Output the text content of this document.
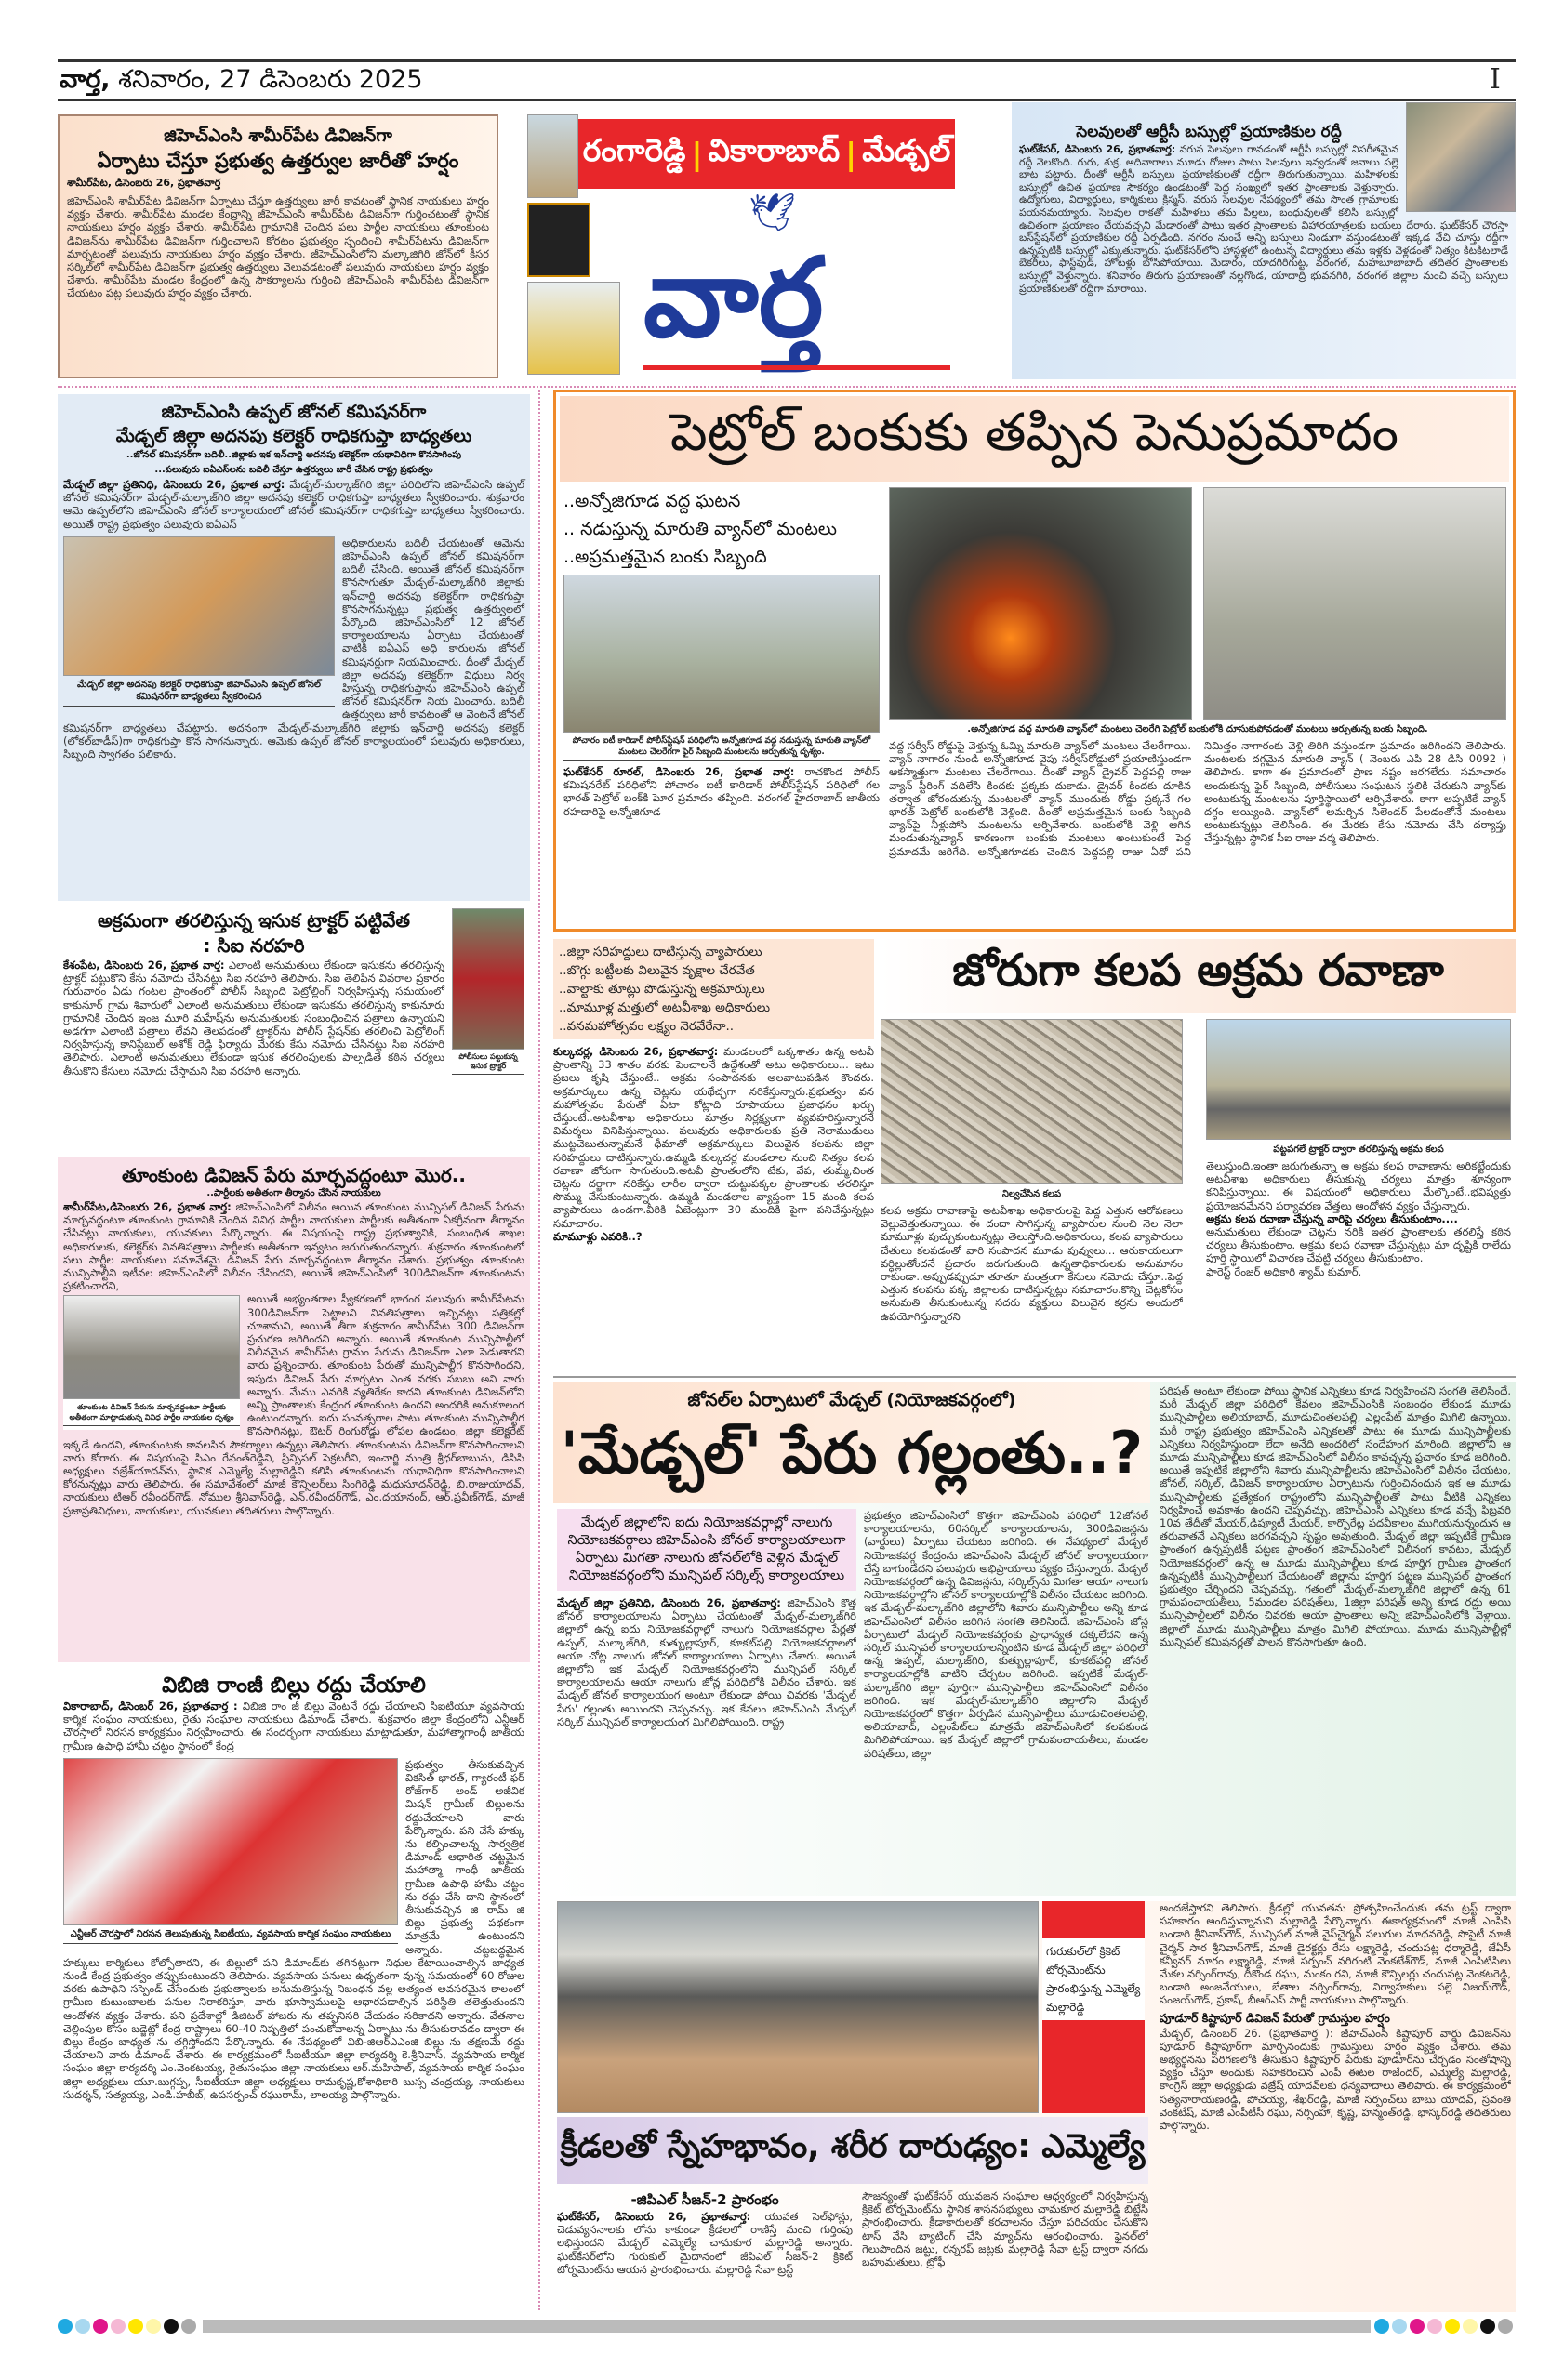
వార్త, శనివారం, 27 డిసెంబరు 2025	I
జిహెచ్ఎంసి శామీర్‌పేట డివిజన్‌గా
ఏర్పాటు చేస్తూ ప్రభుత్వ ఉత్తర్వుల జారీతో హర్షం
శామీర్‌పేట, డిసెంబరు 26, ప్రభాతవార్త

జిహెచ్ఎంసి శామీర్‌పేట డివిజన్‌గా ఏర్పాటు చేస్తూ ఉత్తర్వులు జారీ కావటంతో స్థానిక నాయకులు హర్షం వ్యక్తం చేశారు. శామీర్‌పేట మండల కేంద్రాన్ని జీహెచ్ఎంసి శామీర్‌పేట డివిజన్‌గా గుర్తించటంతో స్థానిక నాయకులు హర్షం వ్యక్తం చేశారు. శామీర్‌పేట గ్రామానికి చెందిన పలు పార్టీల నాయకులు తూంకుంట డివిజన్‌ను శామీర్‌పేట డివిజన్‌గా గుర్తించాలని కోరటం ప్రభుత్వం స్పందించి శామీర్‌పేటను డివిజన్‌గా మార్చటంతో పలువురు నాయకులు హర్షం వ్యక్తం చేశారు. జీహెచ్ఎంసిలోని మల్కాజిగిరి జోన్‌లో కీసర సర్కిల్‌లో శామీర్‌పేట డివిజన్‌గా ప్రభుత్వ ఉత్తర్వులు వెలువడటంతో పలువురు నాయకులు హర్షం వ్యక్తం చేశారు. శామీర్‌పేట మండల కేంద్రంలో ఉన్న సౌకర్యాలను గుర్తించి జీహెచ్ఎంసి శామీర్‌పేట డివిజన్‌గా చేయటం పట్ల పలువురు హర్షం వ్యక్తం చేశారు.

రంగారెడ్డి | వికారాబాద్ | మేడ్చల్
🕊
వార్త
సెలవులతో ఆర్టీసీ బస్సుల్లో ప్రయాణికుల రద్దీ

ఘట్‌కేసర్, డిసెంబరు 26, ప్రభాతవార్త: వరుస సెలవులు రావడంతో ఆర్టీసీ బస్సుల్లో విపరీతమైన రద్దీ నెలకొంది. గురు, శుక్ర, ఆదివారాలు మూడు రోజుల పాటు సెలవులు ఇవ్వడంతో జనాలు పల్లె బాట పట్టారు. దీంతో ఆర్టీసీ బస్సులు ప్రయాణికులతో రద్దీగా తిరుగుతున్నాయి. మహిళలకు బస్సుల్లో ఉచిత ప్రయాణ సౌకర్యం ఉండటంతో పెద్ద సంఖ్యలో ఇతర ప్రాంతాలకు వెళ్తున్నారు. ఉద్యోగులు, విద్యార్థులు, కార్మికులు క్రిస్మస్, వరుస సెలవుల నేపథ్యంలో తమ సొంత గ్రామాలకు పయనమయ్యారు. సెలవుల రాకతో మహిళలు తమ పిల్లలు, బంధువులతో కలిసి బస్సుల్లో ఉచితంగా ప్రయాణం చేయవచ్చని మేడారంతో పాటు ఇతర ప్రాంతాలకు విహారయాత్రలకు బయలు దేరారు. ఘట్‌కేసర్ చౌరస్తా బస్‌స్టేషన్‌లో ప్రయాణికుల రద్దీ ఏర్పడింది. నగరం నుంచే అన్ని బస్సులు నిండుగా వస్తుండటంతో ఇక్కడ వేచి చూస్తు రద్దీగా ఉన్నప్పటికీ బస్సుల్లో ఎక్కుతున్నారు. ఘట్‌కేసర్‌లోని హాస్టళ్లలో ఉంటున్న విద్యార్థులు తమ ఇళ్లకు వెళ్లడంతో నిత్యం కిటకిటలాడే బేకరీలు, ఫాస్ట్‌ఫుడ్, హోటళ్లు బోసిపోయాయి. మేడారం, యాదగిరిగుట్ట, వరంగల్, మహబూబాబాద్ తదితర ప్రాంతాలకు బస్సుల్లో వెళ్తున్నారు. శనివారం తిరుగు ప్రయాణంతో నల్లగొండ, యాదాద్రి భువనగిరి, వరంగల్ జిల్లాల నుంచి వచ్చే బస్సులు ప్రయాణికులతో రద్దీగా మారాయి.

జిహెచ్ఎంసి ఉప్పల్ జోనల్ కమిషనర్‌గా
మేడ్చల్ జిల్లా అదనపు కలెక్టర్ రాధికగుప్తా బాధ్యతలు
..జోనల్ కమిషనర్‌గా బదిలీ..జిల్లాకు ఇక ఇన్‌చార్జి అదనపు కలెక్టర్‌గా యథావిధిగా కొనసాగింపు
...పలువురు ఐఏఎస్‌లను బదిలీ చేస్తూ ఉత్తర్వులు జారీ చేసిన రాష్ట్ర ప్రభుత్వం

మేడ్చల్ జిల్లా ప్రతినిధి, డిసెంబరు 26, ప్రభాత వార్త: మేడ్చల్-మల్కాజ్‌గిరి జిల్లా పరిధిలోని జిహెచ్ఎంసి ఉప్పల్ జోనల్ కమిషనర్‌గా మేడ్చల్-మల్కాజ్‌గిరి జిల్లా అదనపు కలెక్టర్ రాధికగుప్తా బాధ్యతలు స్వీకరించారు. శుక్రవారం ఆమె ఉప్పల్‌లోని జిహెచ్ఎంసి జోనల్ కార్యాలయంలో జోనల్ కమిషనర్‌గా రాధికగుప్తా బాధ్యతలు స్వీకరించారు. అయితే రాష్ట్ర ప్రభుత్వం పలువురు ఐఏఎస్

మేడ్చల్ జిల్లా అదనపు కలెక్టర్ రాధికగుప్తా జిహెచ్ఎంసి ఉప్పల్ జోనల్ కమిషనర్‌గా బాధ్యతలు స్వీకరించిన

అధికారులను బదిలీ చేయటంతో ఆమెను జిహెచ్ఎంసి ఉప్పల్ జోనల్ కమిషనర్‌గా బదిలీ చేసింది. అయితే జోనల్ కమిషనర్‌గా కొనసాగుతూ మేడ్చల్-మల్కాజ్‌గిరి జిల్లాకు ఇన్‌చార్జి అదనపు కలెక్టర్‌గా రాధికగుప్తా కొనసాగనున్నట్లు ప్రభుత్వ ఉత్తర్వులలో పేర్కొంది. జిహెచ్ఎంసిలో 12 జోనల్ కార్యాలయాలను ఏర్పాటు చేయటంతో వాటికి ఐఏఎస్ అధి కారులను జోనల్ కమిషనర్లుగా నియమించారు. దీంతో మేడ్చల్ జిల్లా అదనపు కలెక్టర్‌గా విధులు నిర్వ హిస్తున్న రాధికగుప్తాను జిహెచ్ఎంసి ఉప్పల్ జోనల్ కమిషనర్‌గా నియ మించారు. బదిలీ ఉత్తర్వులు జారీ కావటంతో ఆ వెంటనే జోనల్ కమిషనర్‌గా బాధ్యతలు చేపట్టారు. అదనంగా మేడ్చల్-మల్కాజ్‌గిరి జిల్లాకు ఇన్‌చార్జి అదనపు కలెక్టర్ (లోకల్‌బాడీస్)గా రాధికగుప్తా కొన సాగనున్నారు. ఆమెకు ఉప్పల్ జోనల్ కార్యాలయంలో పలువురు అధికారులు, సిబ్బంది స్వాగతం పలికారు.

పోలీసులు పట్టుకున్న ఇసుక ట్రాక్టర్
అక్రమంగా తరలిస్తున్న ఇసుక ట్రాక్టర్ పట్టివేత
: సిఐ నరహరి

కేశంపేట, డిసెంబరు 26, ప్రభాత వార్త: ఎలాంటి అనుమతులు లేకుండా ఇసుకను తరలిస్తున్న ట్రాక్టర్ పట్టుకొని కేసు నమోదు చేసినట్లు సిఐ నరహరి తెలిపారు. సిఐ తెలిపిన వివరాల ప్రకారం గురువారం ఏడు గంటల ప్రాంతంలో పోలీస్ సిబ్బంది పెట్రోల్లింగ్ నిర్వహిస్తున్న సమయంలో కాకునూర్ గ్రామ శివారులో ఎలాంటి అనుమతులు లేకుండా ఇసుకను తరలిస్తున్న కాకునూరు గ్రామానికి చెందిన ఇంజ మూరి మహేష్‌ను అనుమతులకు సంబంధించిన పత్రాలు ఉన్నాయని అడగగా ఎలాంటి పత్రాలు లేవని తెలపడంతో ట్రాక్టర్‌ను పోలీస్ స్టేషన్‌కు తరలించి పెట్రోలింగ్ నిర్వహిస్తున్న కానిస్టేబుల్ అశోక్ రెడ్డి ఫిర్యాదు మేరకు కేసు నమోదు చేసినట్లు సిఐ నరహరి తెలిపారు. ఎలాంటి అనుమతులు లేకుండా ఇసుక తరలింపులకు పాల్పడితే కఠిన చర్యలు తీసుకొని కేసులు నమోదు చేస్తామని సిఐ నరహరి అన్నారు.

తూంకుంట డివిజన్ పేరు మార్చవద్దంటూ మొర..
..పార్టీలకు అతీతంగా తీర్మానం చేసిన నాయకులు

శామీర్‌పేట,డిసెంబరు 26, ప్రభాత వార్త: జిహెచ్ఎంసిలో విలీనం అయిన తూంకుంట మున్సిపల్ డివిజన్ పేరును మార్చవద్దంటూ తూంకుంట గ్రామానికి చెందిన వివిధ పార్టీల నాయకులు పార్టీలకు అతీతంగా ఏకగ్రీవంగా తీర్మానం చేసినట్లు నాయకులు, యువకులు పేర్కొన్నారు. ఈ విషయంపై రాష్ట్ర ప్రభుత్వానికి, సంబంధిత శాఖల అధికారులకు, కలెక్టర్‌కు వినతిపత్రాలు పార్టీలకు అతీతంగా ఇవ్వటం జరుగుతుందన్నారు. శుక్రవారం తూంకుంటలో పలు పార్టీల నాయకులు సమావేశమై డివిజన్ పేరు మార్చవద్దంటూ తీర్మానం చేశారు. ప్రభుత్వం తూంకుంట మున్సిపాల్టీని ఇటీవల జిహెచ్ఎంసిలో విలీనం చేసిందని, అయితే జిహెచ్ఎంసిలో 300డివిజన్‌గా తూంకుంటను ప్రకటించారని,

తూంకుంట డివిజన్ పేరును మార్చవద్దంటూ పార్టీలకు అతీతంగా మాట్లాడుతున్న వివిధ పార్టీల నాయకుల దృశ్యం

అయితే అభ్యంతరాల స్వీకరణలో భాగంగ పలువురు శామీర్‌పేటను 300డివిజన్‌గా పెట్టాలని వినతిపత్రాలు ఇచ్చినట్లు పత్రికల్లో చూశామని, అయితే తీరా శుక్రవారం శామీర్‌పేట 300 డివిజన్‌గా ప్రచురణ జరిగిందని అన్నారు. అయితే తూంకుంట మున్సిపాల్టీలో విలీనమైన శామీర్‌పేట గ్రామం పేరును డివిజన్‌గా ఎలా పెడుతారని వారు ప్రశ్నించారు. తూంకుంట పేరుతో మున్సిపాల్టీగ కొనసాగిందని, ఇపుడు డివిజన్ పేరు మార్చటం ఎంత వరకు సబబు అని వారు అన్నారు. మేము ఎవరికి వ్యతిరేకం కాదని తూంకుంట డివిజన్‌లోని అన్ని ప్రాంతాలకు కేంద్రంగ తూంకుంట ఉందని అందరికి అనుకూలంగ ఉంటుందన్నారు. ఐదు సంవత్సరాల పాటు తూంకుంట మున్సిపాల్టీగ కొనసాగినట్లు, ఔటర్ రింగురోడ్డు లోపల ఉండటం, జిల్లా కలెక్టరేట్ ఇక్కడే ఉందని, తూంకుంటకు కావలసిన సౌకర్యాలు ఉన్నట్లు తెలిపారు. తూంకుంటను డివిజన్‌గా కొనసాగించాలని వారు కోరారు. ఈ విషయంపై సిఎం రేవంత్‌రెడ్డిని, ప్రిన్సిపల్ సెక్రటరీని, ఇంచార్జి మంత్రి శ్రీధర్‌బాబును, డిసిసి అధ్యక్షులు వజ్రేశ్‌యాదవ్‌ను, స్థానిక ఎమ్మెల్యే మల్లారెడ్డిని కలిసి తూంకుంటను యధావిధిగా కొనసాగించాలని కోరనున్నట్లు వారు తెలిపారు. ఈ సమావేశంలో మాజీ కౌన్సిలర్‌లు సింగిరెడ్డి మధుసూదన్‌రెడ్డి, బి.రాజుయాదవ్, నాయకులు టిఆర్ రవీందర్‌గౌడ్, నోముల శ్రీనివాస్‌రెడ్డి, ఎన్.రవీందర్‌గౌడ్, ఎం.దయానంద్, ఆర్.ప్రవీణ్‌గౌడ్, మాజీ ప్రజాప్రతినిధులు, నాయకులు, యువకులు తదితరులు పాల్గొన్నారు.

విబిజి రాంజీ బిల్లు రద్దు చేయాలి

వికారాబాద్, డిసెంబర్ 26, ప్రభాతవార్త : విబిజి రాం జీ బిల్లు వెంటనే రద్దు చేయాలని సిఐటియూ వ్యవసాయ కార్మిక సంఘం నాయకులు, రైతు సంఘాల నాయకులు డిమాండ్ చేశారు. శుక్రవారం జిల్లా కేంద్రంలోని ఎన్టీఆర్ చౌరస్తాలో నిరసన కార్యక్రమం నిర్వహించారు. ఈ సందర్భంగా నాయకులు మాట్లాడుతూ, మహాత్మాగాంధీ జాతీయ గ్రామీణ ఉపాధి హామీ చట్టం స్థానంలో కేంద్ర

ఎన్టీఆర్ చౌరస్తాలో నిరసన తెలుపుతున్న సిఐటీయు, వ్యవసాయ కార్మిక సంఘం నాయకులు

ప్రభుత్వం తీసుకువచ్చిన వికసిత్ భారత్, గ్యారంటీ ఫర్ రోజ్‌గార్ అండ్ అజీవిక మిషన్ గ్రామీణ్ బిల్లులను రద్దుచేయాలని వారు పేర్కొన్నారు. పని చేసే హక్కు ను కల్పించాలన్న సార్వత్రిక డిమాండ్ ఆధారిత చట్టమైన మహాత్మా గాంధీ జాతీయ గ్రామీణ ఉపాధి హామీ చట్టం ను రద్దు చేసి దాని స్థానంలో తీసుకువచ్చిన జి రామ్ జి బిల్లు ప్రభుత్వ పథకంగా మాత్రమే ఉంటుందని అన్నారు. చట్టబద్ధమైన హక్కులు కార్మికులు కోల్పోతారని, ఈ బిల్లులో పని డిమాండ్‌కు తగినట్లుగా నిధుల కేటాయించాల్సిన బాధ్యత నుండి కేంద్ర ప్రభుత్వం తప్పుకుంటుందని తెలిపారు. వ్యవసాయ పనులు ఉధృతంగా వున్న సమయంలో 60 రోజుల వరకు ఉపాధిని సస్పెండ్ చేసేందుకు ప్రభుత్వాలకు అనుమతిస్తున్న నిబంధన వల్ల అత్యంత అవసరమైన కాలంలో గ్రామీణ కుటుంబాలకు పనుల నిరాకరిస్తూ, వారు భూస్వాములపై ఆధారపడాల్సిన పరిస్థితి తలెత్తుతుందని ఆందోళన వ్యక్తం చేశారు. పని ప్రదేశాల్లో డిజిటల్ హాజరు ను తప్పనిసరి చేయడం సరికాదని అన్నారు. వేతనాల చెల్లింపుల కోసం బడ్జెట్లో కేంద్ర రాష్ట్రాలు 60-40 నిష్పత్తిలో పంచుకోవాలన్న ఏర్పాటు ను తీసుకురావడం ద్వారా ఈ బిల్లు కేంద్రం బాధ్యత ను తగ్గిస్తోందని పేర్కొన్నారు. ఈ నేపథ్యంలో విబి-జిఆర్ఎఎంజి బిల్లు ను తక్షణమే రద్దు చేయాలని వారు డిమాండ్ చేశారు. ఈ కార్యక్రమంలో సీఐటీయూ జిల్లా కార్యదర్శి కె.శ్రీనివాస్, వ్యవసాయ కార్మిక సంఘం జిల్లా కార్యదర్శి ఎం.వెంకటయ్య, రైతుసంఘం జిల్లా నాయకులు ఆర్.మహిపాల్, వ్యవసాయ కార్మిక సంఘం జిల్లా అధ్యక్షులు యూ.బుగ్గప్ప, సీఐటీయూ జిల్లా అధ్యక్షులు రామకృష్ణ,కోశాధికారి బుస్స చంద్రయ్య, నాయకులు సుదర్శన్, సత్యయ్య, ఎండి.హబీబ్, ఉపసర్పంచ్ రఘురామ్, లాలయ్య పాల్గొన్నారు.

పెట్రోల్ బంకుకు తప్పిన పెనుప్రమాదం
..అన్నోజిగూడ వద్ద ఘటన
.. నడుస్తున్న మారుతి వ్యాన్‌లో మంటలు
..అప్రమత్తమైన బంకు సిబ్బంది
పోచారం ఐటీ కారిడార్ పోలీస్‌స్టేషన్ పరిధిలోని అన్నోజిగూడ వద్ద నడుస్తున్న మారుతి వ్యాన్‌లో మంటలు చెలరేగగా ఫైర్ సిబ్బంది మంటలను ఆర్పుతున్న దృశ్యం.

ఘట్‌కేసర్ రూరల్, డిసెంబరు 26, ప్రభాత వార్త: రాచకొండ పోలీస్ కమిషనరేట్ పరిధిలోని పోచారం ఐటీ కారిడార్ పోలీస్‌స్టేషన్ పరిధిలో గల భారత్ పెట్రోల్ బంక్‌కి ఘోర ప్రమాదం తప్పింది. వరంగల్ హైదరాబాద్ జాతీయ రహదారిపై అన్నోజిగూడ

.అన్నోజిగూడ వద్ద మారుతి వ్యాన్‌లో మంటలు చెలరేగి పెట్రోల్ బంకులోకి దూసుకుపోవడంతో మంటలు ఆర్పుతున్న బంకు సిబ్బంది.

వద్ద సర్వీస్ రోడ్డుపై వెళ్తున్న ఓమ్ని మారుతి వ్యాన్‌లో మంటలు చేలరేగాయి. వ్యాన్ నాగారం నుండి అన్నోజిగూడ వైపు సర్వీస్‌రోడ్డులో ప్రయాణిస్తుండగా ఆకస్మాత్తుగా మంటలు చేలరేగాయి. దీంతో వ్యాన్ డ్రైవర్ పెద్దపల్లి రాజు వ్యాన్ స్టీరింగ్ వదిలేసి కిందకు ప్రక్కకు దుకాడు. డ్రైవర్ కిందకు దూకిన తర్వాత జోరందుకున్న మంటలతో వ్యాన్ ముందుకు రోడ్డు ప్రక్కనే గల భారత్ పెట్రోల్ బంకులోకి వెళ్లింది. దీంతో అప్రమత్తమైన బంకు సిబ్బంది వ్యాన్‌పై నీళ్లుపోసి మంటలను ఆర్పివేశారు. బంకులోకి వెళ్లి ఆగిన మండుతున్నవ్యాన్ కారణంగా బంకుకు మంటలు అంటుకుంటే పెద్ద ప్రమాదమే జరిగేది. అన్నోజిగూడకు చెందిన పెద్దపల్లి రాజు ఏదో పని నిమిత్తం నాగారంకు వెళ్లి తిరిగి వస్తుండగా ప్రమాదం జరిగిందని తెలిపారు. మంటలకు దగ్గమైన మారుతి వ్యాన్ ( నెంబరు ఎపి 28 డిసి 0092 ) తెలిపారు. కాగా ఈ ప్రమాదంలో ప్రాణ నష్టం జరగలేదు. సమాచారం అందుకున్న ఫైర్ సిబ్బంది, పోలీసులు సంఘటన స్థలికి చేరుకుని వ్యాన్‌కు అంటుకున్న మంటలను పూర్తిస్థాయిలో ఆర్పివేశారు. కాగా అప్పటికే వ్యాన్ దగ్ధం అయ్యింది. వ్యాన్‌లో అమర్చిన సిలెండర్ పేలడంతోనే మంటలు అంటుకున్నట్లు తెలిసింది. ఈ మేరకు కేసు నమోదు చేసి దర్యాప్తు చేస్తున్నట్లు స్థానిక సీఐ రాజు వర్మ తెలిపారు.

..జిల్లా సరిహద్దులు దాటిస్తున్న వ్యాపారులు
..బొగ్గు బట్టీలకు విలువైన వృక్షాల చేరవేత
..వాల్టాకు తూట్లు పొడుస్తున్న అక్రమార్కులు
..మామూళ్ల మత్తులో అటవీశాఖ అధికారులు
..వనమహోత్సవం లక్ష్యం నెరవేరేనా..

కుల్కచర్ల, డిసెంబరు 26, ప్రభాతవార్త: మండలంలో ఒక్కశాతం ఉన్న అటవీ ప్రాంతాన్ని 33 శాతం వరకు పెంచాలనే ఉద్దేశంతో అటు అధికారులు... ఇటు ప్రజలు కృషి చేస్తుంటే.. అక్రమ సంపాదనకు అలవాటుపడిన కొందరు. అక్రమార్కులు ఉన్న చెట్లను యథేచ్ఛగా నరికేస్తున్నారు.ప్రభుత్వం వన మహోత్సవం పేరుతో ఏటా కోట్లాది రూపాయలు ప్రజాధనం ఖర్చు చేస్తుంటే..అటవీశాఖ అధికారులు మాత్రం నిర్లక్ష్యంగా వ్యవహరిస్తున్నారనే విమర్శలు వినిపిస్తున్నాయి. పలువురు అధికారులకు ప్రతి నెలాముడులు ముట్టచెబుతున్నామనే ధీమాతో అక్రమార్కులు విలువైన కలపను జిల్లా సరిహద్దులు దాటిస్తున్నారు.ఉమ్మడి కుల్కచర్ల మండలాల నుంచి నిత్యం కలప రవాణా జోరుగా సాగుతుంది.అటవీ ప్రాంతంలోని టేకు, వేప, తుమ్మ,చింత చెట్లను దర్జాగా నరికేస్తు లారీల ద్వారా చుట్టుపక్కల ప్రాంతాలకు తరలిస్తూ సొమ్ము చేసుకుంటున్నారు. ఉమ్మడి మండలాల వ్యాప్తంగా 15 మంది కలప వ్యాపారులు ఉండగా.వీరికి ఏజెంట్లుగా 30 మందికి పైగా పనిచేస్తున్నట్లు సమాచారం.

మామూళ్లు ఎవరికి..?

జోరుగా కలప అక్రమ రవాణా
నిల్వచేసిన కలప

కలప అక్రమ రావాణాపై అటవీశాఖ అధికారులపై పెద్ద ఎత్తున ఆరోపణలు వెల్లువెత్తుతున్నాయి. ఈ దందా సాగిస్తున్న వ్యాపారుల నుంచి నెల నెలా మామూళ్లు పుచ్చుకుంటున్నట్లు తెలుస్తోంది.అధికారులు, కలప వ్యాపారులు చేతులు కలపడంతో వారి సంపాదన మూడు పువ్వులు... ఆరుకాయలుగా వర్ధిల్లుతోందనే ప్రచారం జరుగుతుంది. ఉన్నతాధికారులకు అనుమానం రాకుండా..అప్పుడప్పుడూ తూతూ మంత్రంగా కేసులు నమోదు చేస్తూ..పెద్ద ఎత్తున కలపను పక్క జిల్లాలకు దాటిస్తున్నట్లు సమాచారం.కొన్ని చెట్లకోసం అనుమతి తీసుకుంటున్న సదరు వ్యక్తులు విలువైన కర్రను అందులో ఉపయోగిస్తున్నారని

పట్టపగలే ట్రాక్టర్ ద్వారా తరలిస్తున్న అక్రమ కలప

తెలుస్తుంది.ఇంతా జరుగుతున్నా ఆ అక్రమ కలప రావాణాను అరికట్టేందుకు అటవీశాఖ అధికారులు తీసుకున్న చర్యలు మాత్రం శూన్యంగా కనిపిస్తున్నాయి. ఈ విషయంలో అధికారులు మేల్కొంటే..భవిష్యత్తు ప్రయోజనమేనని పర్యావరణ వేత్తలు ఆందోళన వ్యక్తం చేస్తున్నారు.

అక్రమ కలప రవాణా చేస్తున్న వారిపై చర్యలు తీసుకుంటాం....

అనుమతులు లేకుండా చెట్లను నరికి ఇతర ప్రాంతాలకు తరలిస్తే కఠిన చర్యలు తీసుకుంటాం. అక్రమ కలప రవాణా చేస్తున్నట్లు మా దృష్టికి రాలేదు పూర్తి స్థాయిలో విచారణ చేపట్టి చర్యలు తీసుకుంటాం.

ఫారెస్ట్ రేంజర్ అధికారి శ్యామ్ కుమార్.

జోనల్‌ల ఏర్పాటులో మేడ్చల్ (నియోజకవర్గంలో)
'మేడ్చల్' పేరు గల్లంతు..?
మేడ్చల్ జిల్లాలోని ఐదు నియోజకవర్గాల్లో నాలుగు నియోజకవర్గాలు జిహెచ్ఎంసి జోనల్ కార్యాలయాలుగా ఏర్పాటు మిగతా నాలుగు జోనల్‌లోకి వెళ్లిన మేడ్చల్ నియోజకవర్గంలోని మున్సిపల్ సర్కిల్స్ కార్యాలయాలు

మేడ్చల్ జిల్లా ప్రతినిధి, డిసెంబరు 26, ప్రభాతవార్త: జిహెచ్ఎంసి కొత్త జోనల్ కార్యాలయాలను ఏర్పాటు చేయటంతో మేడ్చల్-మల్కాజ్‌గిరి జిల్లాలో ఉన్న ఐదు నియోజకవర్గాల్లో నాలుగు నియోజకవర్గాల పేర్లతో ఉప్పల్, మల్కాజ్‌గిరి, కుత్బుల్లాపూర్, కూకట్‌పల్లి నియోజకవర్గాలలో ఆయా చోట్ల నాలుగు జోనల్ కార్యాలయాలు ఏర్పాటు చేశారు. అయితే జిల్లాలోని ఇక మేడ్చల్ నియోజకవర్గంలోని మున్సిపల్ సర్కిల్ కార్యాలయాలను ఆయా నాలుగు జోన్ల పరిధిలోకి విలీనం చేశారు. ఇక మేడ్చల్ జోనల్ కార్యాలయంగ అంటూ లేకుండా పోయి చివరకు 'మేడ్చల్ పేరు' గల్లంతు అయిందని చెప్పవచ్చు. ఇక కేవలం జిహెచ్ఎంసి మేడ్చల్ సర్కిల్ మున్సిపల్ కార్యాలయంగ మిగిలిపోయింది. రాష్ట్ర

ప్రభుత్వం జిహెచ్ఎంసిలో కొత్తగా జిహెచ్ఎంసి పరిధిలో 12జోనల్ కార్యాలయాలను, 60సర్కిల్ కార్యాలయాలను, 300డివిజన్లను (వార్డులు) ఏర్పాటు చేయటం జరిగింది. ఈ నేపథ్యంలో మేడ్చల్ నియోజకవర్గ కేంద్రంను జిహెచ్ఎంసి మేడ్చల్ జోనల్ కార్యాలయంగా చేస్తే బాగుండేదని పలువురు అభిప్రాయాలు వ్యక్తం చేస్తున్నారు. మేడ్చల్ నియోజకవర్గంలో ఉన్న డివిజన్లను, సర్కిల్స్‌ను మిగతా ఆయా నాలుగు నియోజకవర్గాల్లోని జోనల్ కార్యాలయాల్లోకి విలీనం చేయటం జరిగింది. ఇక మేడ్చల్-మల్కాజ్‌గిరి జిల్లాలోని శివారు మున్సిపాల్టీలు అన్ని కూడ జిహెచ్ఎంసిలో విలీనం జరిగిన సంగతి తెలిసిందే. జిహెచ్ఎంసి జోన్ల ఏర్పాటులో మేడ్చల్ నియోజకవర్గంకు ప్రాధాన్యత దక్కలేదని ఉన్న సర్కిల్ మున్సిపల్ కార్యాలయాలన్నింటిని కూడ మేడ్చల్ జిల్లా పరిధిలో ఉన్న ఉప్పల్, మల్కాజ్‌గిరి, కుత్బుల్లాపూర్, కూకట్‌పల్లి జోనల్ కార్యాలయాల్లోకి వాటిని చేర్చటం జరిగింది. ఇప్పటికే మేడ్చల్-మల్కాజ్‌గిరి జిల్లా పూర్తిగా మున్సిపాల్టీలు జిహెచ్ఎంసిలో విలీనం జరిగింది. ఇక మేడ్చల్-మల్కాజ్‌గిరి జిల్లాలోని మేడ్చల్ నియోజకవర్గంలో కొత్తగా ఏర్పడిన మున్సిపాల్టీలు మూడుచింతలపల్లి, అలియాబాద్, ఎల్లంపేట్‌లు మాత్రమే జిహెచ్ఎంసిలో కలపకుండ మిగిలిపోయాయి. ఇక మేడ్చల్ జిల్లాలో గ్రామపంచాయతీలు, మండల పరిషత్‌లు, జిల్లా

పరిషత్ అంటూ లేకుండా పోయి స్థానిక ఎన్నికలు కూడ నిర్వహించని సంగతి తెలిసిందే. మరీ మేడ్చల్ జిల్లా పరిధిలో కేవలం జిహెచ్ఎంసికి సంబంధం లేకుండ మూడు మున్సిపాల్టీలు అలియాబాద్, మూడుచింతలపల్లి, ఎల్లంపేట్ మాత్రం మిగిలి ఉన్నాయి. మరీ రాష్ట్ర ప్రభుత్వం జిహెచ్ఎంసి ఎన్నికలతో పాటు ఈ మూడు మున్సిపాల్టీలకు ఎన్నికలు నిర్వహిస్తుందా లేదా అనేది అందరిలో సందేహంగ మారింది. జిల్లాలోని ఆ మూడు మున్సిపాల్టీలు కూడ జిహెచ్ఎంసిలో విలీనం కావచ్చన్న ప్రచారం కూడ జరిగింది. అయితే ఇప్పటికే జిల్లాలోని శివారు మున్సిపాల్టీలను జిహెచ్ఎంసిలో విలీనం చేయటం, జోనల్, సర్కిల్, డివిజన్ కార్యాలయాల ఏర్పాటును గుర్తించినందున ఇక ఆ మూడు మున్సిపాల్టీలకు ప్రత్యేకంగ రాష్ట్రంలోని మున్సిపాల్టీలతో పాటు వీటికి ఎన్నికలు నిర్వహించే అవకాశం ఉందని చెప్పవచ్చు. జిహెచ్ఎంసి ఎన్నికలు కూడ వచ్చే ఫిబ్రవరి 10వ తేదీతో మేయర్,డిప్యూటీ మేయర్, కార్పొరేట్ల పదవీకాలం ముగియనున్నందున ఆ తరువాతనే ఎన్నికలు జరగవచ్చని స్పష్టం అవుతుంది. మేడ్చల్ జిల్లా ఇప్పటికే గ్రామీణ ప్రాంతంగ ఉన్నప్పటికీ పట్టణ ప్రాంతంగ జిహెచ్ఎంసిలో విలీనంగ కావటం, మేడ్చల్ నియోజకవర్గంలో ఉన్న ఆ మూడు మున్సిపాల్టీలు కూడ పూర్తిగ గ్రామీణ ప్రాంతంగ ఉన్నప్పటికీ మున్సిపాల్టీలుగ చేయటంతో జిల్లాను పూర్తిగ పట్టణ మున్సిపల్ ప్రాంతంగ ప్రభుత్వం చేర్చిందని చెప్పవచ్చు. గతంలో మేడ్చల్-మల్కాజ్‌గిరి జిల్లాలో ఉన్న 61 గ్రామపంచాయతీలు, 5మండల పరిషత్‌లు, 1జిల్లా పరిషత్ అన్ని కూడ రద్దు అయి మున్సిపాల్టీలలో విలీనం చివరకు ఆయా ప్రాంతాలు అన్ని జిహెచ్ఎంసిలోకి వెళ్లాయి. జిల్లాలో మూడు మున్సిపాల్టీలు మాత్రం మిగిలి పోయాయి. మూడు మున్సిపాల్టీల్లో మున్సిపల్ కమిషనర్లతో పాలన కొనసాగుతూ ఉంది.

గురుకుల్‌లో క్రికెట్ టోర్నమెంట్‌ను ప్రారంభిస్తున్న ఎమ్మెల్యే మల్లారెడ్డి
క్రీడలతో స్నేహభావం, శరీర దారుఢ్యం: ఎమ్మెల్యే
-జిపిఎల్ సీజన్-2 ప్రారంభం

ఘట్‌కేసర్, డిసెంబరు 26, ప్రభాతవార్త: యువత సెల్‌ఫోన్లు, చెడువ్యసనాలకు లోను కాకుండా క్రీడలలో రాణిస్తే మంచి గుర్తింపు లభిస్తుందని మేడ్చల్ ఎమ్మెల్యే చామకూర మల్లారెడ్డి అన్నారు. ఘట్‌కేసర్‌లోని గురుకుల్ మైదానంలో జీపిఎల్ సీజన్-2 క్రికెట్ టోర్నమెంట్‌ను ఆయన ప్రారంభించారు. మల్లారెడ్డి సేవా ట్రస్ట్

సౌజన్యంతో ఘట్‌కేసర్ యువజన సంఘాల ఆధ్వర్యంలో నిర్వహిస్తున్న క్రికెట్ టోర్నమెంట్‌ను స్థానిక శాసనసభ్యులు చామకూర మల్లారెడ్డి బిట్టేసి ప్రారంభించారు. క్రీడాకారులతో కరచాలనం చేస్తూ పరిచయం చేసుకొని టాస్ వేసి బ్యాటింగ్ చేసి మ్యాచ్‌ను ఆరంభించారు. ఫైనల్‌లో గెలుపొందిన జట్టు, రన్నరప్ జట్లకు మల్లారెడ్డి సేవా ట్రస్ట్ ద్వారా నగదు బహుమతులు, ట్రోఫీ

అందజేస్తారని తెలిపారు. క్రీడల్లో యువతను ప్రోత్సహించేందుకు తమ ట్రస్ట్ ద్వారా సహకారం అందిస్తున్నామని మల్లారెడ్డి పేర్కొన్నారు. ఈకార్యక్రమంలో మాజీ ఎంపిపి బండారి శ్రీనివాస్‌గౌడ్, మున్సిపల్ మాజీ వైస్‌చైర్మన్ పలుగుల మాధవరెడ్డి, సొసైటీ మాజీ చైర్మన్ సార శ్రీనివాస్‌గౌడ్, మాజీ డైరక్టర్లు రేసు లక్ష్మారెడ్డి, చందుపట్ల ధర్మారెడ్డి, జేఏసీ కన్వీనర్ మారం లక్ష్మారెడ్డి, మాజీ సర్పంచ్ వరిగంటి వెంకటేశ్‌గౌడ్, మాజీ ఎంపిటిసిలు మేకల నర్సింగ్‌రావు, దీకొండ రఘు, మంకం రవి, మాజీ కౌన్సిలర్లు చందుపట్ల వెంకటరెడ్డి, బండారి అంజనేయులు, బేతాల నర్సింగ్‌రావు, నిర్వాహకులు పల్లె విజయ్‌గౌడ్, సంజయ్‌గౌడ్, ప్రకాష్, బీఆర్ఎస్ పార్టీ నాయకులు పాల్గొన్నారు.

పూడూర్ కిష్టాపూర్ డివిజన్ పేరుతో గ్రామస్తుల హర్షం

మేడ్చల్, డిసెంబర్ 26. (ప్రభాతవార్త ): జీహెచ్ఎంసీ కిష్టాపూర్ వార్డు డివిజన్‌ను పూడూర్ కిష్టాపూర్‌గా మార్చినందుకు గ్రామస్తులు హర్షం వ్యక్తం చేశారు. తమ అభ్యర్థనను పరిగణలోకి తీసుకుని కిష్టాపూర్ పేరుకు పూడూర్‌ను చేర్చడం సంతోషాన్ని వ్యక్తం చేస్తూ అందుకు సహకరించిన ఎంపీ ఈటల రాజేందర్, ఎమ్మెల్యే మల్లారెడ్డి, కాంగ్రెస్ జిల్లా అధ్యక్షుడు వజ్రేష్ యాదవ్‌లకు ధన్యవాదాలు తెలిపారు. ఈ కార్యక్రమంలో సత్యనారాయణరెడ్డి, పోచయ్య, శేఖర్‌రెడ్డి, మాజీ సర్పంచ్‌లు బాబు యాదవ్, స్రవంతి వెంకటేష్, మాజీ ఎంపీటీసీ రఘు, నర్సింహా, కృష్ణ, హన్మంత్‌రెడ్డి, భాస్కర్‌రెడ్డి తదితరులు పాల్గొన్నారు.
